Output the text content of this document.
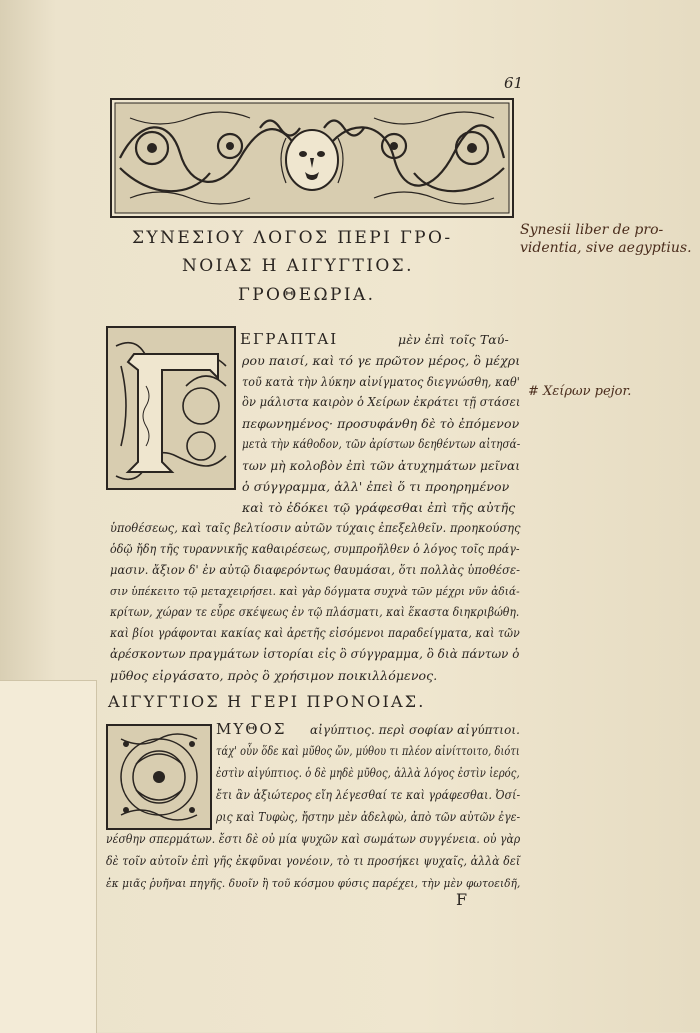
61
Synesii liber de pro-
videntia, sive aegyptius.
# Χείρων pejor.
ΣΥΝΕΣΙΟΥ ΛΟΓΟΣ ΠΕΡΙ ΓΡΟ-
ΝΟΙΑΣ Η ΑΙΓΥΓΤΙΟΣ.
ΓΡΟΘΕΩΡΙΑ.
ΕΓΡΑΠΤΑΙ	μὲν ἐπὶ τοῖς Ταύ-
ρου παισί, καὶ τό γε πρῶτον μέρος, ὃ μέχρι
τοῦ κατὰ τὴν λύκην αἰνίγματος διεγνώσθη, καθ'
ὃν μάλιστα καιρὸν ὁ Χείρων ἐκράτει τῇ στάσει
πεφωνημένος· προσυφάνθη δὲ τὸ ἐπόμενον
μετὰ τὴν κάθοδον, τῶν ἀρίστων δεηθέντων αἰτησά-
των μὴ κολοβὸν ἐπὶ τῶν ἀτυχημάτων μεῖναι
ὁ σύγγραμμα, ἀλλ' ἐπεὶ ὅ τι προηρημένον
καὶ τὸ ἐδόκει τῷ γράφεσθαι ἐπὶ τῆς αὐτῆς
ὑποθέσεως, καὶ ταῖς βελτίοσιν αὐτῶν τύχαις ἐπεξελθεῖν. προηκούσης
ὁδῷ ἤδη τῆς τυραννικῆς καθαιρέσεως, συμπροῆλθεν ὁ λόγος τοῖς πράγ-
μασιν. ἄξιον δ' ἐν αὐτῷ διαφερόντως θαυμάσαι, ὅτι πολλὰς ὑποθέσε-
σιν ὑπέκειτο τῷ μεταχειρήσει. καὶ γὰρ δόγματα συχνὰ τῶν μέχρι νῦν ἀδιά-
κρίτων, χώραν τε εὗρε σκέψεως ἐν τῷ πλάσματι, καὶ ἕκαστα διηκριβώθη.
καὶ βίοι γράφονται κακίας καὶ ἀρετῆς εἰσόμενοι παραδείγματα, καὶ τῶν
ἀρέσκοντων πραγμάτων ἱστορίαι εἰς ὃ σύγγραμμα, ὃ διὰ πάντων ὁ
μῦθος εἰργάσατο, πρὸς ὃ χρήσιμον ποικιλλόμενος.
ΑΙΓΥΓΤΙΟΣ Η ΓΕΡΙ ΠΡΟΝΟΙΑΣ.
ΜΥΘΟΣ αἰγύπτιος. περὶ σοφίαν αἰγύπτιοι.
τάχ' οὖν ὅδε καὶ μῦθος ὤν, μύθου τι πλέον αἰνίττοιτο, διότι
ἐστὶν αἰγύπτιος. ὁ δὲ μηδὲ μῦθος, ἀλλὰ λόγος ἐστὶν ἱερός,
ἔτι ἂν ἀξιώτερος εἴη λέγεσθαί τε καὶ γράφεσθαι. Ὀσί-
ρις καὶ Τυφὼς, ἤστην μὲν ἀδελφὼ, ἀπὸ τῶν αὐτῶν ἐγε-
νέσθην σπερμάτων. ἔστι δὲ οὐ μία ψυχῶν καὶ σωμάτων συγγένεια. οὐ γὰρ
δὲ τοῖν αὐτοῖν ἐπὶ γῆς ἐκφῦναι γονέοιν, τὸ τι προσήκει ψυχαῖς, ἀλλὰ δεῖ
ἐκ μιᾶς ῥυῆναι πηγῆς. δυοῖν ἢ τοῦ κόσμου φύσις παρέχει, τὴν μὲν φωτοειδῆ,
F
